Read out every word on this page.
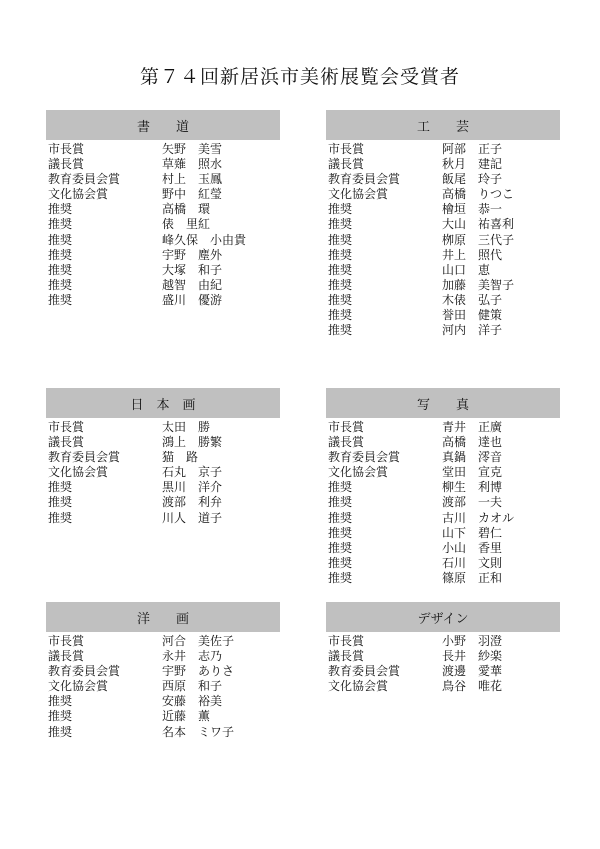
第７４回新居浜市美術展覧会受賞者
書　　道
市長賞	矢野　美雪
議長賞	草薙　照水
教育委員会賞	村上　玉鳳
文化協会賞	野中　紅瑩
推奨	高橋　環
推奨	俵　里紅
推奨	峰久保　小由貴
推奨	宇野　塵外
推奨	大塚　和子
推奨	越智　由紀
推奨	盛川　優游
工　　芸
市長賞	阿部　正子
議長賞	秋月　建記
教育委員会賞	飯尾　玲子
文化協会賞	高橋　りつこ
推奨	檜垣　恭一
推奨	大山　祐喜利
推奨	栁原　三代子
推奨	井上　照代
推奨	山口　恵
推奨	加藤　美智子
推奨	木俵　弘子
推奨	誉田　健策
推奨	河内　洋子
日　本　画
市長賞	太田　勝
議長賞	鴻上　勝繁
教育委員会賞	猫　路
文化協会賞	石丸　京子
推奨	黒川　洋介
推奨	渡部　利弁
推奨	川人　道子
写　　真
市長賞	青井　正廣
議長賞	高橋　達也
教育委員会賞	真鍋　澪音
文化協会賞	堂田　宣克
推奨	柳生　利博
推奨	渡部　一夫
推奨	古川　カオル
推奨	山下　碧仁
推奨	小山　香里
推奨	石川　文則
推奨	篠原　正和
洋　　画
市長賞	河合　美佐子
議長賞	永井　志乃
教育委員会賞	宇野　ありさ
文化協会賞	西原　和子
推奨	安藤　裕美
推奨	近藤　薫
推奨	名本　ミワ子
デザイン
市長賞	小野　羽澄
議長賞	長井　紗楽
教育委員会賞	渡邊　愛華
文化協会賞	鳥谷　唯花
